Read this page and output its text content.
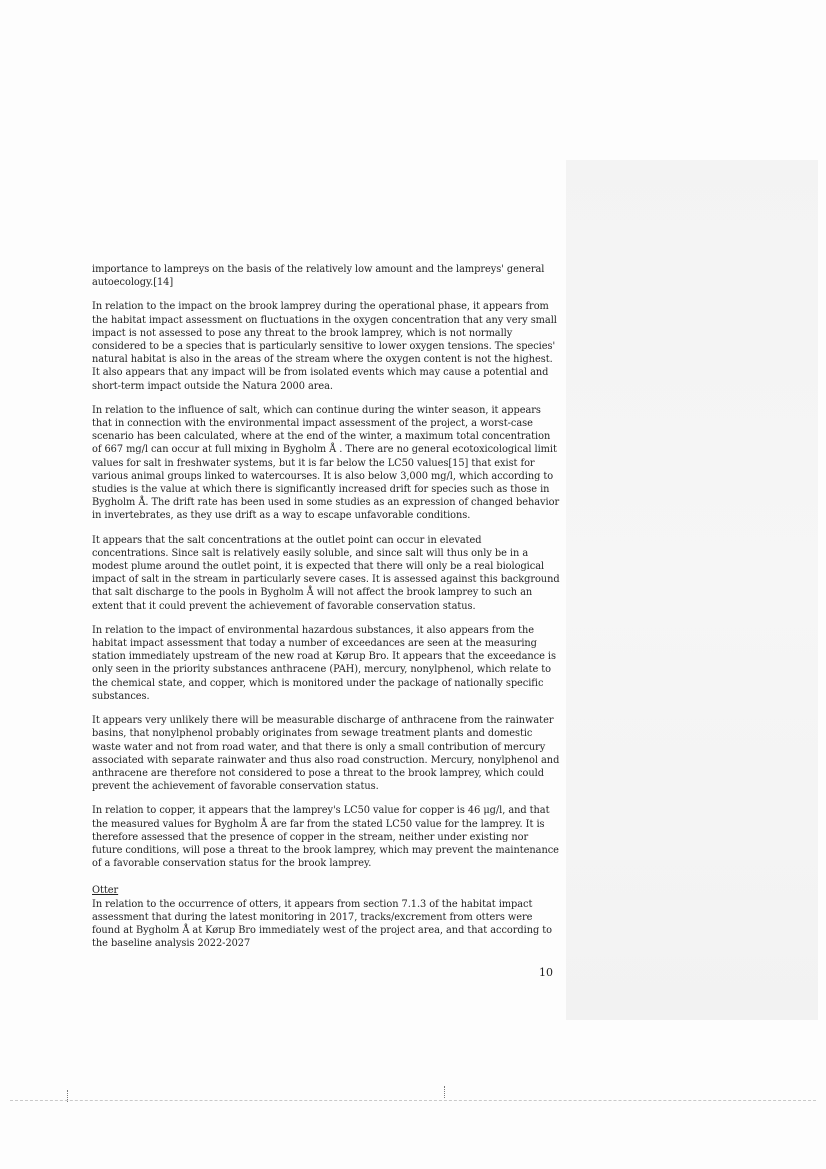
importance to lampreys on the basis of the relatively low amount and the lampreys' general autoecology.[14]

In relation to the impact on the brook lamprey during the operational phase, it appears from the habitat impact assessment on fluctuations in the oxygen concentration that any very small impact is not assessed to pose any threat to the brook lamprey, which is not normally considered to be a species that is particularly sensitive to lower oxygen tensions. The species' natural habitat is also in the areas of the stream where the oxygen content is not the highest. It also appears that any impact will be from isolated events which may cause a potential and short-term impact outside the Natura 2000 area.

In relation to the influence of salt, which can continue during the winter season, it appears that in connection with the environmental impact assessment of the project, a worst-case scenario has been calculated, where at the end of the winter, a maximum total concentration of 667 mg/l can occur at full mixing in Bygholm Å . There are no general ecotoxicological limit values for salt in freshwater systems, but it is far below the LC50 values[15] that exist for various animal groups linked to watercourses. It is also below 3,000 mg/l, which according to studies is the value at which there is significantly increased drift for species such as those in Bygholm Å. The drift rate has been used in some studies as an expression of changed behavior in invertebrates, as they use drift as a way to escape unfavorable conditions.

It appears that the salt concentrations at the outlet point can occur in elevated concentrations. Since salt is relatively easily soluble, and since salt will thus only be in a modest plume around the outlet point, it is expected that there will only be a real biological impact of salt in the stream in particularly severe cases. It is assessed against this background that salt discharge to the pools in Bygholm Å will not affect the brook lamprey to such an extent that it could prevent the achievement of favorable conservation status.

In relation to the impact of environmental hazardous substances, it also appears from the habitat impact assessment that today a number of exceedances are seen at the measuring station immediately upstream of the new road at Kørup Bro. It appears that the exceedance is only seen in the priority substances anthracene (PAH), mercury, nonylphenol, which relate to the chemical state, and copper, which is monitored under the package of nationally specific substances.

It appears very unlikely there will be measurable discharge of anthracene from the rainwater basins, that nonylphenol probably originates from sewage treatment plants and domestic waste water and not from road water, and that there is only a small contribution of mercury associated with separate rainwater and thus also road construction. Mercury, nonylphenol and anthracene are therefore not considered to pose a threat to the brook lamprey, which could prevent the achievement of favorable conservation status.

In relation to copper, it appears that the lamprey's LC50 value for copper is 46 μg/l, and that the measured values for Bygholm Å are far from the stated LC50 value for the lamprey. It is therefore assessed that the presence of copper in the stream, neither under existing nor future conditions, will pose a threat to the brook lamprey, which may prevent the maintenance of a favorable conservation status for the brook lamprey.

Otter
In relation to the occurrence of otters, it appears from section 7.1.3 of the habitat impact assessment that during the latest monitoring in 2017, tracks/excrement from otters were found at Bygholm Å at Kørup Bro immediately west of the project area, and that according to the baseline analysis 2022-2027

10
